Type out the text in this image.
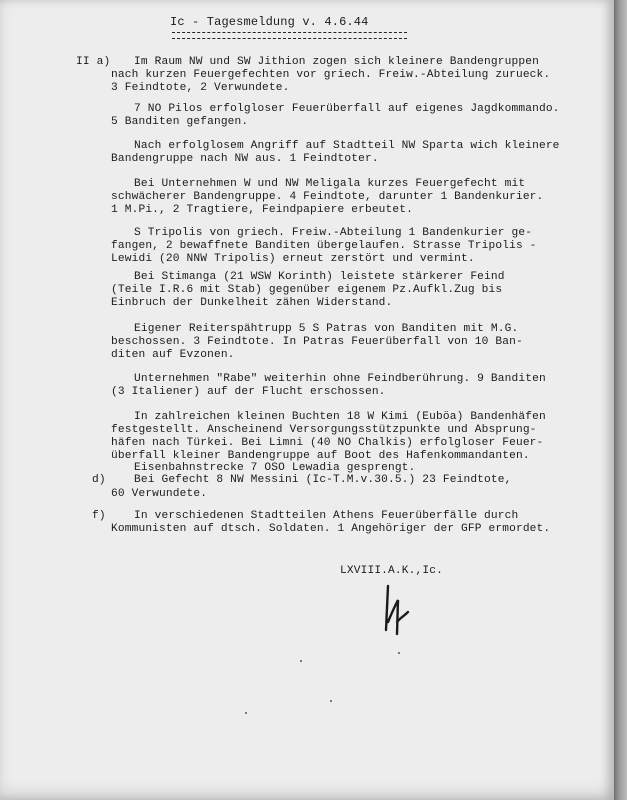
Ic - Tagesmeldung v. 4.6.44
II a) Im Raum NW und SW Jithion zogen sich kleinere Bandengruppen
nach kurzen Feuergefechten vor griech. Freiw.-Abteilung zurueck.
3 Feindtote, 2 Verwundete.
7 NO Pilos erfolgloser Feuerüberfall auf eigenes Jagdkommando.
5 Banditen gefangen.
Nach erfolglosem Angriff auf Stadtteil NW Sparta wich kleinere
Bandengruppe nach NW aus. 1 Feindtoter.
Bei Unternehmen W und NW Meligala kurzes Feuergefecht mit
schwächerer Bandengruppe. 4 Feindtote, darunter 1 Bandenkurier.
1 M.Pi., 2 Tragtiere, Feindpapiere erbeutet.
S Tripolis von griech. Freiw.-Abteilung 1 Bandenkurier ge-
fangen, 2 bewaffnete Banditen übergelaufen. Strasse Tripolis -
Lewidi (20 NNW Tripolis) erneut zerstört und vermint.
Bei Stimanga (21 WSW Korinth) leistete stärkerer Feind
(Teile I.R.6 mit Stab) gegenüber eigenem Pz.Aufkl.Zug bis
Einbruch der Dunkelheit zähen Widerstand.
Eigener Reiterspähtrupp 5 S Patras von Banditen mit M.G.
beschossen. 3 Feindtote. In Patras Feuerüberfall von 10 Ban-
diten auf Evzonen.
Unternehmen "Rabe" weiterhin ohne Feindberührung. 9 Banditen
(3 Italiener) auf der Flucht erschossen.
In zahlreichen kleinen Buchten 18 W Kimi (Euböa) Bandenhäfen
festgestellt. Anscheinend Versorgungsstützpunkte und Absprung-
häfen nach Türkei. Bei Limni (40 NO Chalkis) erfolgloser Feuer-
überfall kleiner Bandengruppe auf Boot des Hafenkommandanten.
Eisenbahnstrecke 7 OSO Lewadia gesprengt.
d)	Bei Gefecht 8 NW Messini (Ic-T.M.v.30.5.) 23 Feindtote,
60 Verwundete.
f)	In verschiedenen Stadtteilen Athens Feuerüberfälle durch
Kommunisten auf dtsch. Soldaten. 1 Angehöriger der GFP ermordet.
LXVIII.A.K.,Ic.
